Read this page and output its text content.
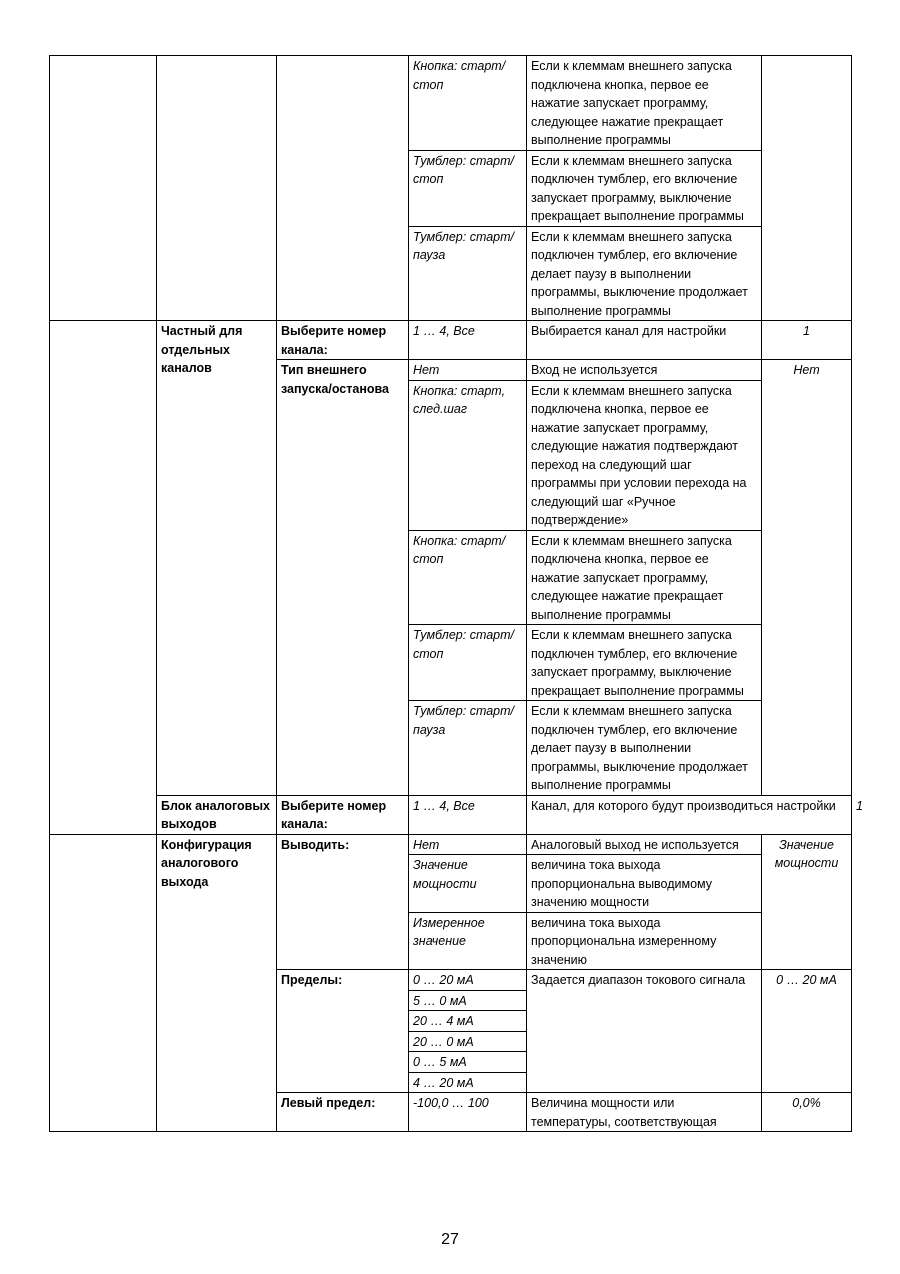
			Кнопка: старт/стоп	Если к клеммам внешнего запуска подключена кнопка, первое ее нажатие запускает программу, следующее нажатие прекращает выполнение программы		
			Тумблер: старт/стоп	Если к клеммам внешнего запуска подключен тумблер, его включение запускает программу, выключение прекращает выполнение программы		
			Тумблер: старт/пауза	Если к клеммам внешнего запуска подключен тумблер, его включение делает паузу в выполнении программы, выключение продолжает выполнение программы		
	Частный для отдельных каналов	Выберите номер канала:	1 … 4, Все	Выбирается канал для настройки	1	
		Тип внешнего запуска/останова	Нет	Вход не используется	Нет	
			Кнопка: старт, след.шаг	Если к клеммам внешнего запуска подключена кнопка, первое ее нажатие запускает программу, следующие нажатия подтверждают переход на следующий шаг программы при условии перехода на следующий шаг «Ручное подтверждение»		
			Кнопка: старт/стоп	Если к клеммам внешнего запуска подключена кнопка, первое ее нажатие запускает программу, следующее нажатие прекращает выполнение программы		
			Тумблер: старт/стоп	Если к клеммам внешнего запуска подключен тумблер, его включение запускает программу, выключение прекращает выполнение программы		
			Тумблер: старт/пауза	Если к клеммам внешнего запуска подключен тумблер, его включение делает паузу в выполнении программы, выключение продолжает выполнение программы		
	Блок аналоговых выходов	Выберите номер канала:	1 … 4, Все	Канал, для которого будут производиться настройки		1
	Конфигурация аналогового выхода	Выводить:	Нет	Аналоговый выход не используется	Значение мощности	
			Значение мощности	величина тока выхода пропорциональна выводимому значению мощности		
			Измеренное значение	величина тока выхода пропорциональна измеренному значению		
		Пределы:	0 … 20 мА	Задается диапазон токового сигнала	0 … 20 мА	
			5 … 0 мА			
			20 … 4 мА			
			20 … 0 мА			
			0 … 5 мА			
			4 … 20 мА			
		Левый предел:	-100,0 … 100	Величина мощности или температуры, соответствующая	0,0%	
27
